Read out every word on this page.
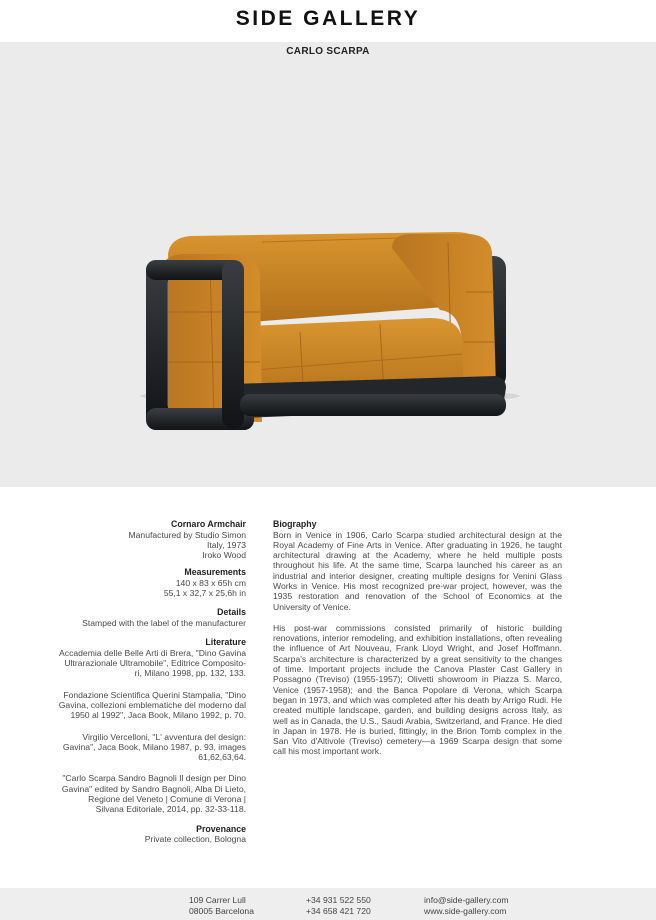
SIDE GALLERY
CARLO SCARPA
Cornaro Armchair

Manufactured by Studio Simon

Italy, 1973

Iroko Wood

Measurements

140 x 83 x 65h cm

55,1 x 32,7 x 25,6h in

Details

Stamped with the label of the manufacturer

Literature

Accademia delle Belle Arti di Brera, "Dino Gavina

Ultrarazionale Ultramobile", Editrice Composito-

ri, Milano 1998, pp. 132, 133.

Fondazione Scientifica Querini Stampalia, "Dino

Gavina, collezioni emblematiche del moderno dal

1950 al 1992", Jaca Book, Milano 1992, p. 70.

Virgilio Vercelloni, "L' avventura del design:

Gavina", Jaca Book, Milano 1987, p. 93, images

61,62,63,64.

"Carlo Scarpa Sandro Bagnoli Il design per Dino

Gavina" edited by Sandro Bagnoli, Alba Di Lieto,

Regione del Veneto | Comune di Verona |

Silvana Editoriale, 2014, pp. 32-33-118.

Provenance

Private collection, Bologna

Biography

Born in Venice in 1906, Carlo Scarpa studied architectural design at the Royal Academy of Fine Arts in Venice. After graduating in 1926, he taught architectural drawing at the Academy, where he held multiple posts throughout his life. At the same time, Scarpa launched his career as an industrial and interior designer, creating multiple designs for Venini Glass Works in Venice. His most recognized pre-war project, however, was the 1935 restoration and renovation of the School of Economics at the University of Venice.

His post-war commissions consisted primarily of historic building renovations, interior remodeling, and exhibition installations, often revealing the influence of Art Nouveau, Frank Lloyd Wright, and Josef Hoffmann. Scarpa's architecture is characterized by a great sensitivity to the changes of time. Important projects include the Canova Plaster Cast Gallery in Possagno (Treviso) (1955-1957); Olivetti showroom in Piazza S. Marco, Venice (1957-1958); and the Banca Popolare di Verona, which Scarpa began in 1973, and which was completed after his death by Arrigo Rudi. He created multiple landscape, garden, and building designs across Italy, as well as in Canada, the U.S., Saudi Arabia, Switzerland, and France. He died in Japan in 1978. He is buried, fittingly, in the Brion Tomb complex in the San Vito d'Altivole (Treviso) cemetery—a 1969 Scarpa design that some call his most important work.

109 Carrer Lull
08005 Barcelona
+34 931 522 550
+34 658 421 720
info@side-gallery.com
www.side-gallery.com
